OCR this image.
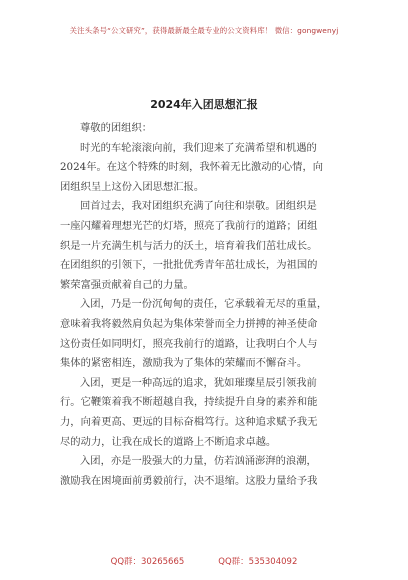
关注头条号“公文研究”，获得最新最全最专业的公文资料库！ 微信：gongwenyj
2024年入团思想汇报
尊敬的团组织：
时光的车轮滚滚向前，我们迎来了充满希望和机遇的
2024年。在这个特殊的时刻，我怀着无比激动的心情，向
团组织呈上这份入团思想汇报。
回首过去，我对团组织充满了向往和崇敬。团组织是
一座闪耀着理想光芒的灯塔，照亮了我前行的道路；团组
织是一片充满生机与活力的沃土，培育着我们茁壮成长。
在团组织的引领下，一批批优秀青年茁壮成长，为祖国的
繁荣富强贡献着自己的力量。
入团，乃是一份沉甸甸的责任，它承载着无尽的重量，
意味着我将毅然肩负起为集体荣誉而全力拼搏的神圣使命
这份责任如同明灯，照亮我前行的道路，让我明白个人与
集体的紧密相连，激励我为了集体的荣耀而不懈奋斗。
入团，更是一种高远的追求，犹如璀璨星辰引领我前
行。它鞭策着我不断超越自我，持续提升自身的素养和能
力，向着更高、更远的目标奋楫笃行。这种追求赋予我无
尽的动力，让我在成长的道路上不断追求卓越。
入团，亦是一股强大的力量，仿若汹涌澎湃的浪潮，
激励我在困境面前勇毅前行，决不退缩。这股力量给予我
QQ群：30265665	QQ群：535304092
